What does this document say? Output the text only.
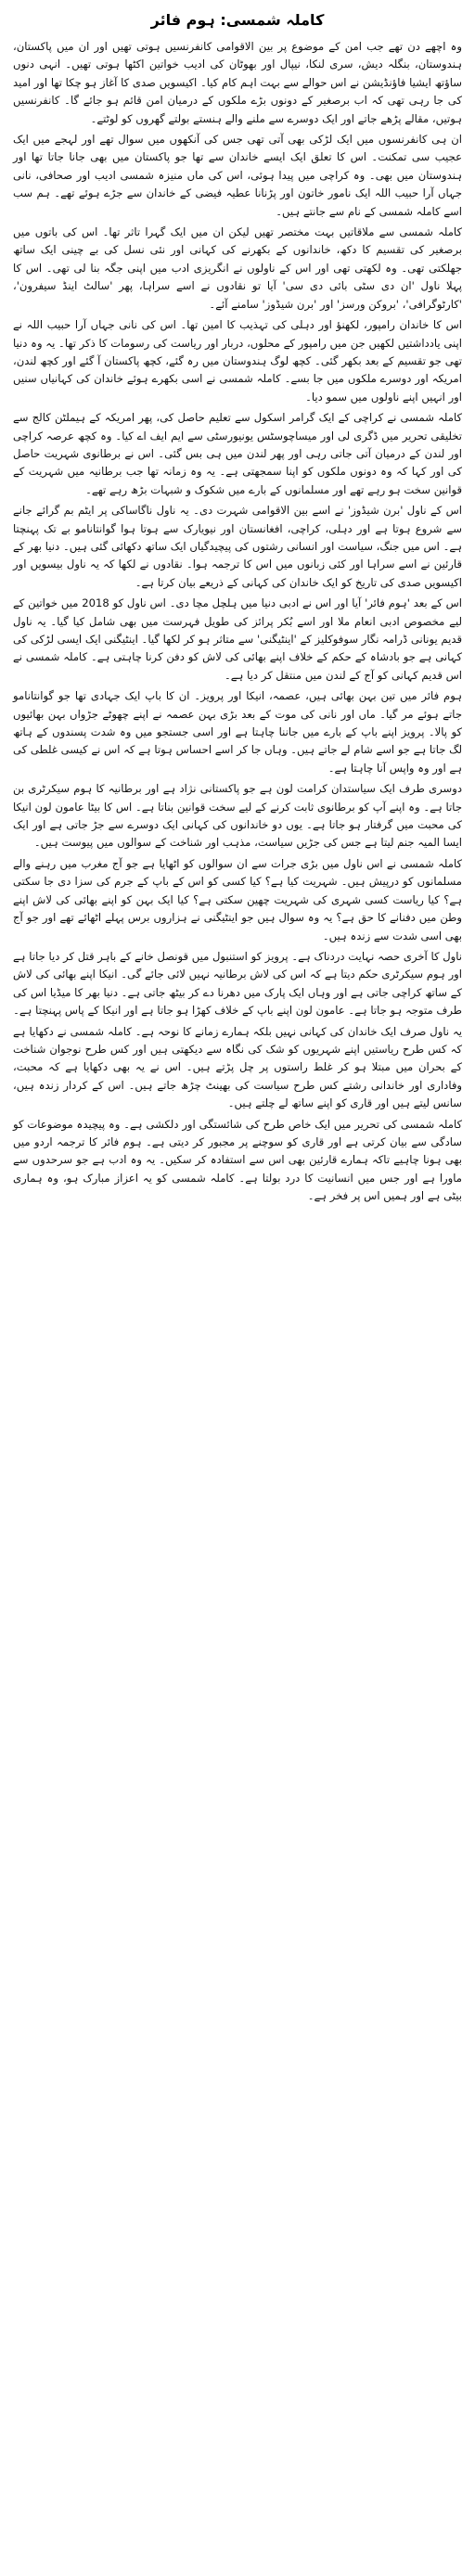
کاملہ شمسی: ہوم فائر

وہ اچھے دن تھے جب امن کے موضوع پر بین الاقوامی کانفرنسیں ہوتی تھیں اور ان میں پاکستان، ہندوستان، بنگلہ دیش، سری لنکا، نیپال اور بھوٹان کی ادیب خواتین اکٹھا ہوتی تھیں۔ انہی دنوں ساؤتھ ایشیا فاؤنڈیشن نے اس حوالے سے بہت اہم کام کیا۔ اکیسویں صدی کا آغاز ہو چکا تھا اور امید کی جا رہی تھی کہ اب برصغیر کے دونوں بڑے ملکوں کے درمیان امن قائم ہو جائے گا۔ کانفرنسیں ہوتیں، مقالے پڑھے جاتے اور ایک دوسرے سے ملنے والے ہنستے بولتے گھروں کو لوٹتے۔

ان ہی کانفرنسوں میں ایک لڑکی بھی آتی تھی جس کی آنکھوں میں سوال تھے اور لہجے میں ایک عجیب سی تمکنت۔ اس کا تعلق ایک ایسے خاندان سے تھا جو پاکستان میں بھی جانا جاتا تھا اور ہندوستان میں بھی۔ وہ کراچی میں پیدا ہوئی، اس کی ماں منیزہ شمسی ادیب اور صحافی، نانی جہاں آرا حبیب اللہ ایک نامور خاتون اور پڑنانا عطیہ فیضی کے خاندان سے جڑے ہوئے تھے۔ ہم سب اسے کاملہ شمسی کے نام سے جانتے ہیں۔

کاملہ شمسی سے ملاقاتیں بہت مختصر تھیں لیکن ان میں ایک گہرا تاثر تھا۔ اس کی باتوں میں برصغیر کی تقسیم کا دکھ، خاندانوں کے بکھرنے کی کہانی اور نئی نسل کی بے چینی ایک ساتھ جھلکتی تھی۔ وہ لکھتی تھی اور اس کے ناولوں نے انگریزی ادب میں اپنی جگہ بنا لی تھی۔ اس کا پہلا ناول 'ان دی سٹی بائی دی سی' آیا تو نقادوں نے اسے سراہا، پھر 'سالٹ اینڈ سیفرون'، 'کارٹوگرافی'، 'بروکن ورسز' اور 'برن شیڈوز' سامنے آئے۔

اس کا خاندان رامپور، لکھنؤ اور دہلی کی تہذیب کا امین تھا۔ اس کی نانی جہاں آرا حبیب اللہ نے اپنی یادداشتیں لکھیں جن میں رامپور کے محلوں، دربار اور ریاست کی رسومات کا ذکر تھا۔ یہ وہ دنیا تھی جو تقسیم کے بعد بکھر گئی۔ کچھ لوگ ہندوستان میں رہ گئے، کچھ پاکستان آ گئے اور کچھ لندن، امریکہ اور دوسرے ملکوں میں جا بسے۔ کاملہ شمسی نے اسی بکھرے ہوئے خاندان کی کہانیاں سنیں اور انہیں اپنے ناولوں میں سمو دیا۔

کاملہ شمسی نے کراچی کے ایک گرامر اسکول سے تعلیم حاصل کی، پھر امریکہ کے ہیملٹن کالج سے تخلیقی تحریر میں ڈگری لی اور میساچوسٹس یونیورسٹی سے ایم ایف اے کیا۔ وہ کچھ عرصہ کراچی اور لندن کے درمیان آتی جاتی رہی اور پھر لندن میں ہی بس گئی۔ اس نے برطانوی شہریت حاصل کی اور کہا کہ وہ دونوں ملکوں کو اپنا سمجھتی ہے۔ یہ وہ زمانہ تھا جب برطانیہ میں شہریت کے قوانین سخت ہو رہے تھے اور مسلمانوں کے بارے میں شکوک و شبہات بڑھ رہے تھے۔

اس کے ناول 'برن شیڈوز' نے اسے بین الاقوامی شہرت دی۔ یہ ناول ناگاساکی پر ایٹم بم گرائے جانے سے شروع ہوتا ہے اور دہلی، کراچی، افغانستان اور نیویارک سے ہوتا ہوا گوانتانامو بے تک پہنچتا ہے۔ اس میں جنگ، سیاست اور انسانی رشتوں کی پیچیدگیاں ایک ساتھ دکھائی گئی ہیں۔ دنیا بھر کے قارئین نے اسے سراہا اور کئی زبانوں میں اس کا ترجمہ ہوا۔ نقادوں نے لکھا کہ یہ ناول بیسویں اور اکیسویں صدی کی تاریخ کو ایک خاندان کی کہانی کے ذریعے بیان کرتا ہے۔

اس کے بعد 'ہوم فائر' آیا اور اس نے ادبی دنیا میں ہلچل مچا دی۔ اس ناول کو 2018 میں خواتین کے لیے مخصوص ادبی انعام ملا اور اسے بُکر پرائز کی طویل فہرست میں بھی شامل کیا گیا۔ یہ ناول قدیم یونانی ڈرامہ نگار سوفوکلیز کے 'اینٹیگنی' سے متاثر ہو کر لکھا گیا۔ اینٹیگنی ایک ایسی لڑکی کی کہانی ہے جو بادشاہ کے حکم کے خلاف اپنے بھائی کی لاش کو دفن کرنا چاہتی ہے۔ کاملہ شمسی نے اس قدیم کہانی کو آج کے لندن میں منتقل کر دیا ہے۔

ہوم فائر میں تین بہن بھائی ہیں، عصمہ، انیکا اور پرویز۔ ان کا باپ ایک جہادی تھا جو گوانتانامو جاتے ہوئے مر گیا۔ ماں اور نانی کی موت کے بعد بڑی بہن عصمہ نے اپنے چھوٹے جڑواں بہن بھائیوں کو پالا۔ پرویز اپنے باپ کے بارے میں جاننا چاہتا ہے اور اسی جستجو میں وہ شدت پسندوں کے ہاتھ لگ جاتا ہے جو اسے شام لے جاتے ہیں۔ وہاں جا کر اسے احساس ہوتا ہے کہ اس نے کیسی غلطی کی ہے اور وہ واپس آنا چاہتا ہے۔

دوسری طرف ایک سیاستدان کرامت لون ہے جو پاکستانی نژاد ہے اور برطانیہ کا ہوم سیکرٹری بن جاتا ہے۔ وہ اپنے آپ کو برطانوی ثابت کرنے کے لیے سخت قوانین بناتا ہے۔ اس کا بیٹا عامون لون انیکا کی محبت میں گرفتار ہو جاتا ہے۔ یوں دو خاندانوں کی کہانی ایک دوسرے سے جڑ جاتی ہے اور ایک ایسا المیہ جنم لیتا ہے جس کی جڑیں سیاست، مذہب اور شناخت کے سوالوں میں پیوست ہیں۔

کاملہ شمسی نے اس ناول میں بڑی جرات سے ان سوالوں کو اٹھایا ہے جو آج مغرب میں رہنے والے مسلمانوں کو درپیش ہیں۔ شہریت کیا ہے؟ کیا کسی کو اس کے باپ کے جرم کی سزا دی جا سکتی ہے؟ کیا ریاست کسی شہری کی شہریت چھین سکتی ہے؟ کیا ایک بہن کو اپنے بھائی کی لاش اپنے وطن میں دفنانے کا حق ہے؟ یہ وہ سوال ہیں جو اینٹیگنی نے ہزاروں برس پہلے اٹھائے تھے اور جو آج بھی اسی شدت سے زندہ ہیں۔

ناول کا آخری حصہ نہایت دردناک ہے۔ پرویز کو استنبول میں قونصل خانے کے باہر قتل کر دیا جاتا ہے اور ہوم سیکرٹری حکم دیتا ہے کہ اس کی لاش برطانیہ نہیں لائی جائے گی۔ انیکا اپنے بھائی کی لاش کے ساتھ کراچی جاتی ہے اور وہاں ایک پارک میں دھرنا دے کر بیٹھ جاتی ہے۔ دنیا بھر کا میڈیا اس کی طرف متوجہ ہو جاتا ہے۔ عامون لون اپنے باپ کے خلاف کھڑا ہو جاتا ہے اور انیکا کے پاس پہنچتا ہے۔

یہ ناول صرف ایک خاندان کی کہانی نہیں بلکہ ہمارے زمانے کا نوحہ ہے۔ کاملہ شمسی نے دکھایا ہے کہ کس طرح ریاستیں اپنے شہریوں کو شک کی نگاہ سے دیکھتی ہیں اور کس طرح نوجوان شناخت کے بحران میں مبتلا ہو کر غلط راستوں پر چل پڑتے ہیں۔ اس نے یہ بھی دکھایا ہے کہ محبت، وفاداری اور خاندانی رشتے کس طرح سیاست کی بھینٹ چڑھ جاتے ہیں۔ اس کے کردار زندہ ہیں، سانس لیتے ہیں اور قاری کو اپنے ساتھ لے چلتے ہیں۔

کاملہ شمسی کی تحریر میں ایک خاص طرح کی شائستگی اور دلکشی ہے۔ وہ پیچیدہ موضوعات کو سادگی سے بیان کرتی ہے اور قاری کو سوچنے پر مجبور کر دیتی ہے۔ ہوم فائر کا ترجمہ اردو میں بھی ہونا چاہیے تاکہ ہمارے قارئین بھی اس سے استفادہ کر سکیں۔ یہ وہ ادب ہے جو سرحدوں سے ماورا ہے اور جس میں انسانیت کا درد بولتا ہے۔ کاملہ شمسی کو یہ اعزاز مبارک ہو، وہ ہماری بیٹی ہے اور ہمیں اس پر فخر ہے۔
